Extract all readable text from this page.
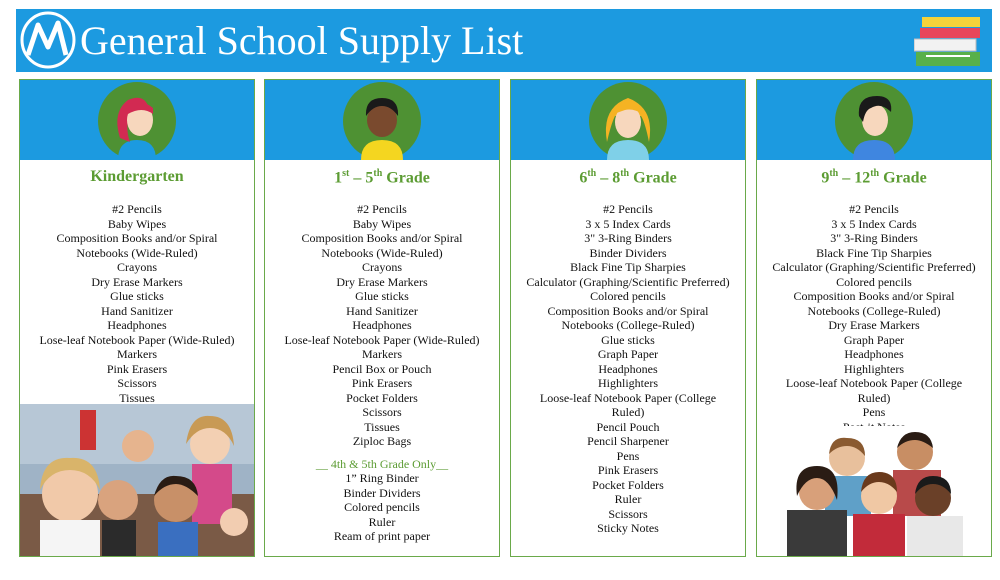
General School Supply List
Kindergarten
#2 Pencils
Baby Wipes
Composition Books and/or Spiral
Notebooks (Wide-Ruled)
Crayons
Dry Erase Markers
Glue sticks
Hand Sanitizer
Headphones
Lose-leaf Notebook Paper (Wide-Ruled)
Markers
Pink Erasers
Scissors
Tissues
1st – 5th Grade
#2 Pencils
Baby Wipes
Composition Books and/or Spiral
Notebooks (Wide-Ruled)
Crayons
Dry Erase Markers
Glue sticks
Hand Sanitizer
Headphones
Lose-leaf Notebook Paper (Wide-Ruled)
Markers
Pencil Box or Pouch
Pink Erasers
Pocket Folders
Scissors
Tissues
Ziploc Bags
__ 4th & 5th Grade Only__
1” Ring Binder
Binder Dividers
Colored pencils
Ruler
Ream of print paper
6th – 8th Grade
#2 Pencils
3 x 5 Index Cards
3" 3-Ring Binders
Binder Dividers
Black Fine Tip Sharpies
Calculator (Graphing/Scientific Preferred)
Colored pencils
Composition Books and/or Spiral
Notebooks (College-Ruled)
Glue sticks
Graph Paper
Headphones
Highlighters
Loose-leaf Notebook Paper (College
Ruled)
Pencil Pouch
Pencil Sharpener
Pens
Pink Erasers
Pocket Folders
Ruler
Scissors
Sticky Notes
9th – 12th Grade
#2 Pencils
3 x 5 Index Cards
3" 3-Ring Binders
Black Fine Tip Sharpies
Calculator (Graphing/Scientific Preferred)
Colored pencils
Composition Books and/or Spiral
Notebooks (College-Ruled)
Dry Erase Markers
Graph Paper
Headphones
Highlighters
Loose-leaf Notebook Paper (College
Ruled)
Pens
